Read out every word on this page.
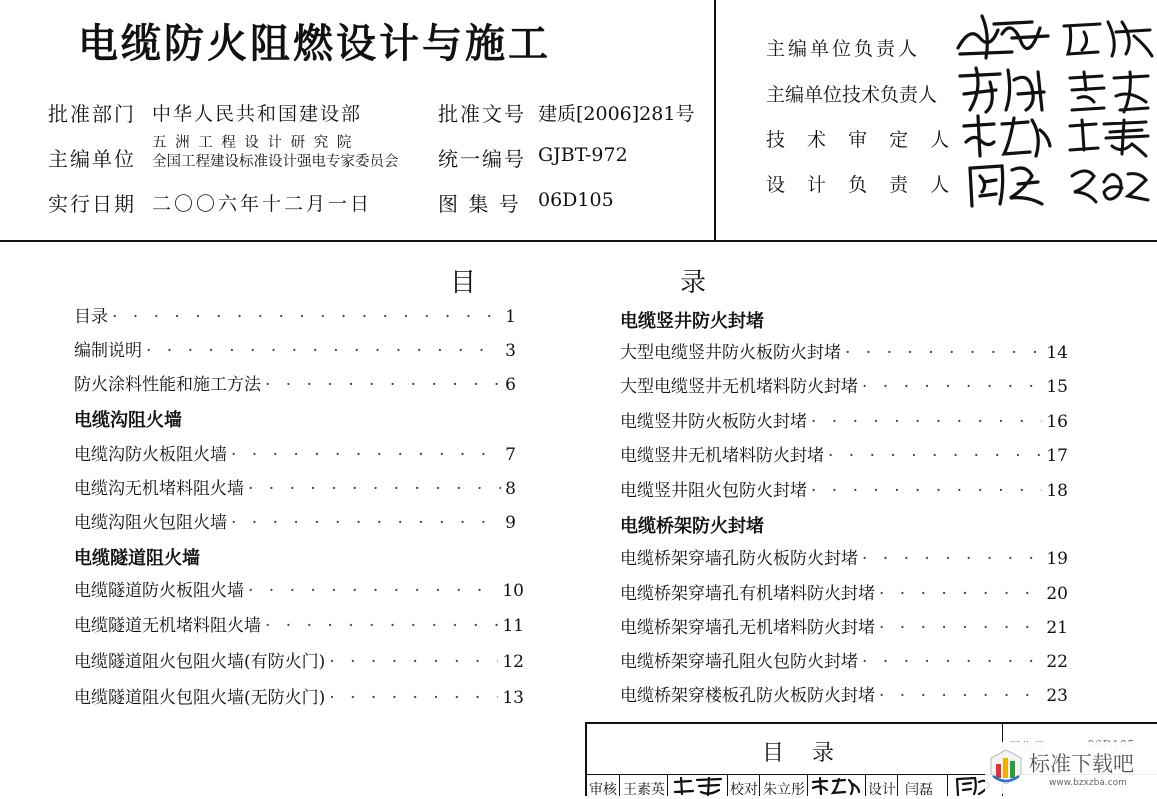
电缆防火阻燃设计与施工
批准部门 中华人民共和国建设部
主编单位
五 洲 工 程 设 计 研 究 院
全国工程建设标准设计强电专家委员会
实行日期 二〇〇六年十二月一日
批准文号 建质[2006]281号
统一编号 GJBT-972
图 集 号 06D105
主编单位负责人
主编单位技术负责人
技 术 审 定 人
设 计 负 责 人
目	录
目录 · · ·	1
编制说明 · · ·	3
防火涂料性能和施工方法 · · ·	6
电缆沟阻火墙
电缆沟防火板阻火墙 · · ·	7
电缆沟无机堵料阻火墙 · · ·	8
电缆沟阻火包阻火墙 · · ·	9
电缆隧道阻火墙
电缆隧道防火板阻火墙 · · ·	10
电缆隧道无机堵料阻火墙 · · ·	11
电缆隧道阻火包阻火墙(有防火门) · · ·	12
电缆隧道阻火包阻火墙(无防火门) · · ·	13
电缆竖井防火封堵
大型电缆竖井防火板防火封堵 · · ·	14
大型电缆竖井无机堵料防火封堵 · · ·	15
电缆竖井防火板防火封堵 · · ·	16
电缆竖井无机堵料防火封堵 · · ·	17
电缆竖井阻火包防火封堵 · · ·	18
电缆桥架防火封堵
电缆桥架穿墙孔防火板防火封堵 · · ·	19
电缆桥架穿墙孔有机堵料防火封堵 · · ·	20
电缆桥架穿墙孔无机堵料防火封堵 · · ·	21
电缆桥架穿墙孔阻火包防火封堵 · · ·	22
电缆桥架穿楼板孔防火板防火封堵 · · ·	23
目    录
审核 王素英	校对 朱立彤	设计 闫磊
标准下载吧
www.bzxzba.com
